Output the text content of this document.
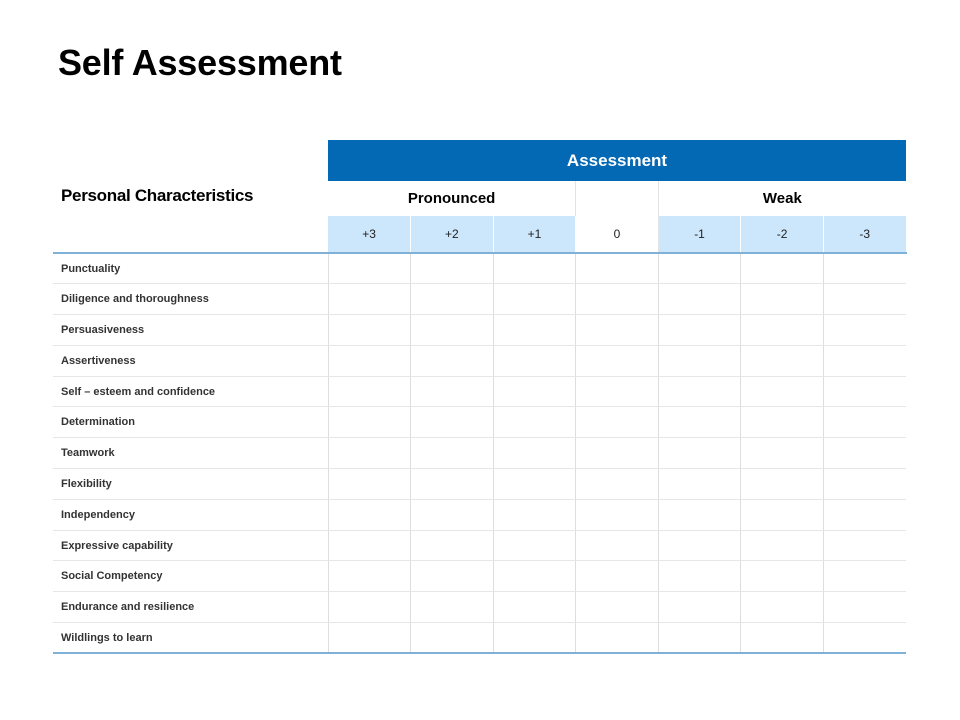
Self Assessment
Personal Characteristics	Assessment						
	Pronounced				Weak		
	+3	+2	+1	0	-1	-2	-3
Punctuality							
Diligence and thoroughness							
Persuasiveness							
Assertiveness							
Self – esteem and confidence							
Determination							
Teamwork							
Flexibility							
Independency							
Expressive capability							
Social Competency							
Endurance and resilience							
Wildlings to learn							
